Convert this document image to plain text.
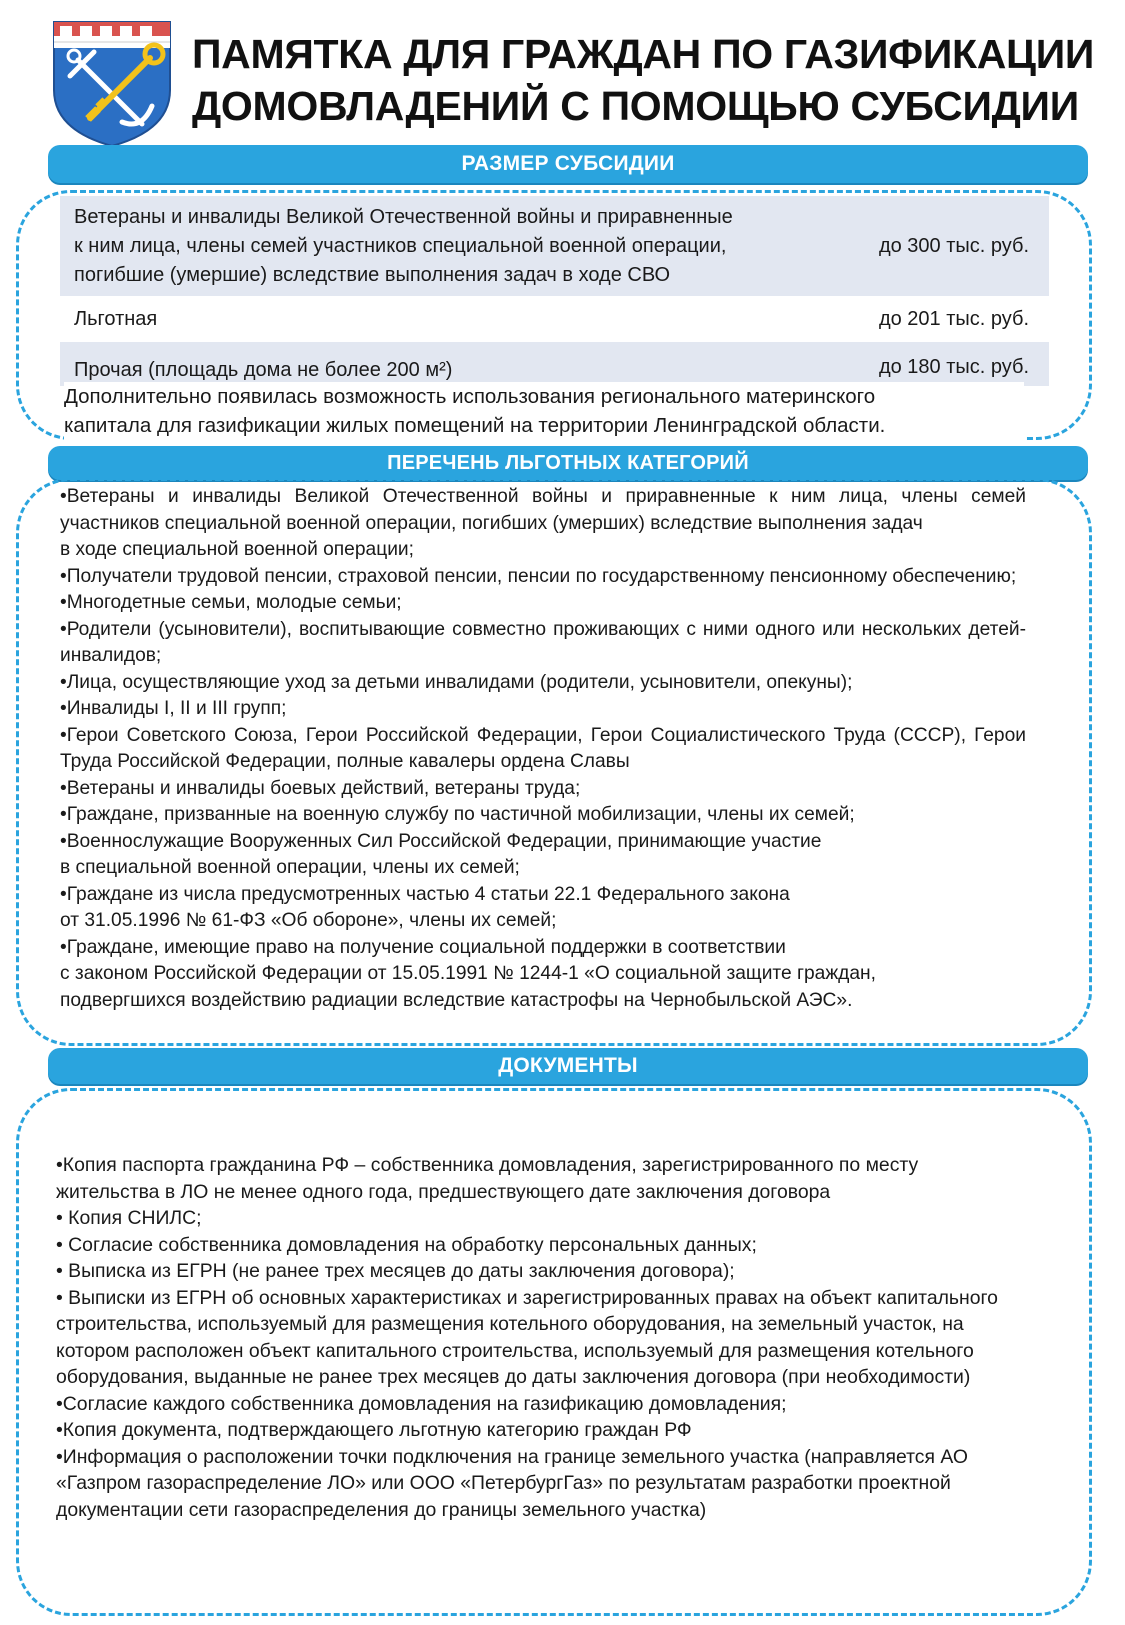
ПАМЯТКА ДЛЯ ГРАЖДАН ПО ГАЗИФИКАЦИИ
ДОМОВЛАДЕНИЙ С ПОМОЩЬЮ СУБСИДИИ
РАЗМЕР СУБСИДИИ
Ветераны и инвалиды Великой Отечественной войны и приравненные
к ним лица, члены семей участников специальной военной операции,
погибшие (умершие) вследствие выполнения задач в ходе СВО
до 300 тыс. руб.
Льготная	до 201 тыс. руб.
Прочая (площадь дома не более 200 м²)	до 180 тыс. руб.
Дополнительно появилась возможность использования регионального материнского
капитала для газификации жилых помещений на территории Ленинградской области.
ПЕРЕЧЕНЬ ЛЬГОТНЫХ КАТЕГОРИЙ
•Ветераны и инвалиды Великой Отечественной войны и приравненные к ним лица, члены семей участников специальной военной операции, погибших (умерших) вследствие выполнения задач
в ходе специальной военной операции;
•Получатели трудовой пенсии, страховой пенсии, пенсии по государственному пенсионному обеспечению;
•Многодетные семьи, молодые семьи;
•Родители (усыновители), воспитывающие совместно проживающих с ними одного или нескольких детей-инвалидов;
•Лица, осуществляющие уход за детьми инвалидами (родители, усыновители, опекуны);
•Инвалиды I, II и III групп;
•Герои Советского Союза, Герои Российской Федерации, Герои Социалистического Труда (СССР), Герои Труда Российской Федерации, полные кавалеры ордена Славы
•Ветераны и инвалиды боевых действий, ветераны труда;
•Граждане, призванные на военную службу по частичной мобилизации, члены их семей;
•Военнослужащие Вооруженных Сил Российской Федерации, принимающие участие
в специальной военной операции, члены их семей;
•Граждане из числа предусмотренных частью 4 статьи 22.1 Федерального закона
от 31.05.1996 № 61-ФЗ «Об обороне», члены их семей;
•Граждане, имеющие право на получение социальной поддержки в соответствии
с законом Российской Федерации от 15.05.1991 № 1244-1 «О социальной защите граждан,
подвергшихся воздействию радиации вследствие катастрофы на Чернобыльской АЭС».
ДОКУМЕНТЫ
•Копия паспорта гражданина РФ – собственника домовладения, зарегистрированного по месту
жительства в ЛО не менее одного года, предшествующего дате заключения договора
• Копия СНИЛС;
• Согласие собственника домовладения на обработку персональных данных;
• Выписка из ЕГРН (не ранее трех месяцев до даты заключения договора);
• Выписки из ЕГРН об основных характеристиках и зарегистрированных правах на объект капитального
строительства, используемый для размещения котельного оборудования, на земельный участок, на
котором расположен объект капитального строительства, используемый для размещения котельного
оборудования, выданные не ранее трех месяцев до даты заключения договора (при необходимости)
•Согласие каждого собственника домовладения на газификацию домовладения;
•Копия документа, подтверждающего льготную категорию граждан РФ
•Информация о расположении точки подключения на границе земельного участка (направляется АО
«Газпром газораспределение ЛО» или ООО «ПетербургГаз» по результатам разработки проектной
документации сети газораспределения до границы земельного участка)
